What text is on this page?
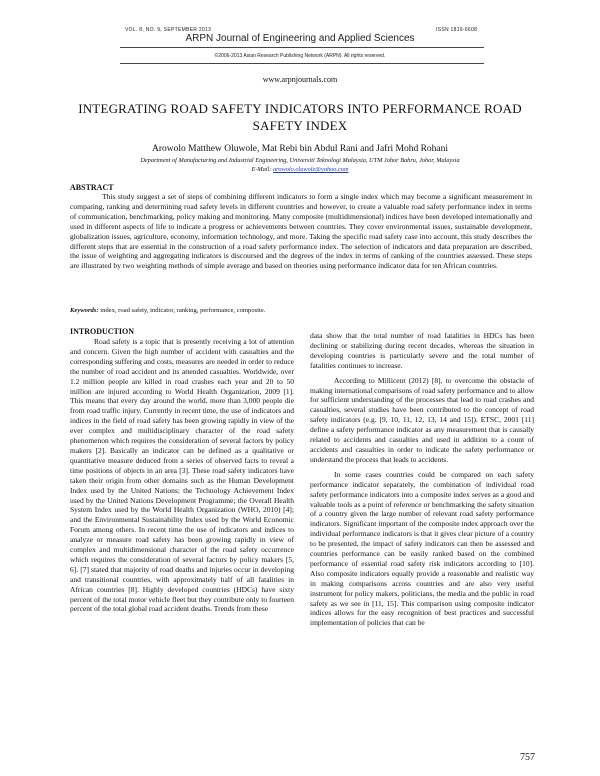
VOL. 8, NO. 9, SEPTEMBER 2013	ISSN 1819-6608
ARPN Journal of Engineering and Applied Sciences
©2006-2013 Asian Research Publishing Network (ARPN). All rights reserved.
www.arpnjournals.com
INTEGRATING ROAD SAFETY INDICATORS INTO PERFORMANCE ROAD SAFETY INDEX
Arowolo Matthew Oluwole, Mat Rebi bin Abdul Rani and Jafri Mohd Rohani
Department of Manufacturing and Industrial Engineering, Universiti Teknologi Malaysia, UTM Johor Bahru, Johor, Malaysia
E-Mail: arowolo.oluwole@yahoo.com
ABSTRACT

This study suggest a set of steps of combining different indicators to form a single index which may become a significant measurement in comparing, ranking and determining road safety levels in different countries and however, to create a valuable road safety performance index in terms of communication, benchmarking, policy making and monitoring. Many composite (multidimensional) indices have been developed internationally and used in different aspects of life to indicate a progress or achievements between countries. They cover environmental issues, sustainable development, globalization issues, agriculture, economy, information technology, and more. Taking the specific road safety case into account, this study describes the different steps that are essential in the construction of a road safety performance index. The selection of indicators and data preparation are described, the issue of weighting and aggregating indicators is discoursed and the degrees of the index in terms of ranking of the countries assessed. These steps are illustrated by two weighting methods of simple average and based on theories using performance indicator data for ten African countries.

Keywords: index, road safety, indicator, ranking, performance, composite.
INTRODUCTION

Road safety is a topic that is presently receiving a lot of attention and concern. Given the high number of accident with casualties and the corresponding suffering and costs, measures are needed in order to reduce the number of road accident and its attended casualties. Worldwide, over 1.2 million people are killed in road crashes each year and 20 to 50 million are injured according to World Health Organization, 2009 [1]. This means that every day around the world, more than 3,000 people die from road traffic injury. Currently in recent time, the use of indicators and indices in the field of road safety has been growing rapidly in view of the ever complex and multidisciplinary character of the road safety phenomenon which requires the consideration of several factors by policy makers [2]. Basically an indicator can be defined as a qualitative or quantitative measure deduced from a series of observed facts to reveal a time positions of objects in an area [3]. These road safety indicators have taken their origin from other domains such as the Human Development Index used by the United Nations; the Technology Achievement Index used by the United Nations Development Programme; the Overall Health System Index used by the World Health Organization (WHO, 2010) [4]; and the Environmental Sustainability Index used by the World Economic Forum among others. In recent time the use of indicators and indices to analyze or measure road safety has been growing rapidly in view of complex and multidimensional character of the road safety occurrence which requires the consideration of several factors by policy makers [5, 6]. [7] stated that majority of road deaths and injuries occur in developing and transitional countries, with approximately half of all fatalities in African countries [8]. Highly developed countries (HDCs) have sixty percent of the total motor vehicle fleet but they contribute only to fourteen percent of the total global road accident deaths. Trends from these

data show that the total number of road fatalities in HDCs has been declining or stabilizing during recent decades, whereas the situation in developing countries is particularly severe and the total number of fatalities continues to increase.

According to Millicent (2012) [8], to overcome the obstacle of making international comparisons of road safety performance and to allow for sufficient understanding of the processes that lead to road crashes and casualties, several studies have been contributed to the concept of road safety indicators (e.g. [9, 10, 11, 12, 13, 14 and 15]). ETSC, 2001 [11] define a safety performance indicator as any measurement that is causally related to accidents and casualties and used in addition to a count of accidents and casualties in order to indicate the safety performance or understand the process that leads to accidents.

In some cases countries could be compared on each safety performance indicator separately, the combination of individual road safety performance indicators into a composite index serves as a good and valuable tools as a point of reference or benchmarking the safety situation of a country given the large number of relevant road safety performance indicators. Significant important of the composite index approach over the individual performance indicators is that it gives clear picture of a country to be presented, the impact of safety indicators can then be assessed and countries performance can be easily ranked based on the combined performance of essential road safety risk indicators according to [10]. Also composite indicators equally provide a reasonable and realistic way in making comparisons across countries and are also very useful instrument for policy makers, politicians, the media and the public in road safety as we see in [11, 15]. This comparison using composite indicator indices allows for the easy recognition of best practices and successful implementation of policies that can be

757
